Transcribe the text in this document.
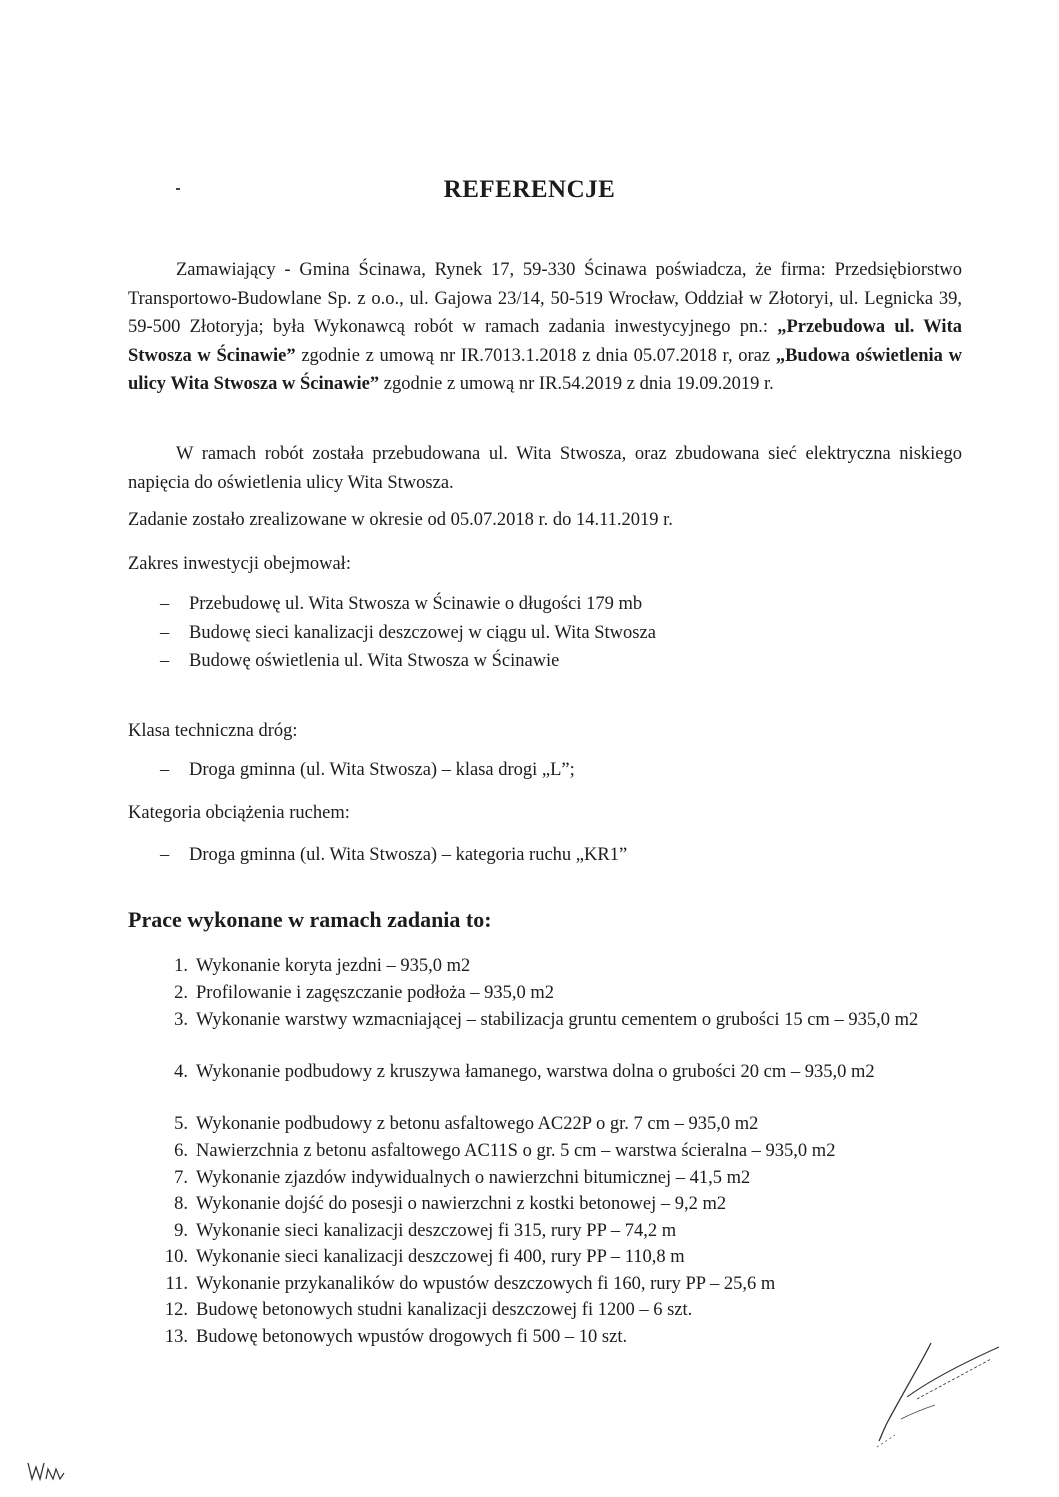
REFERENCJE
Zamawiający - Gmina Ścinawa, Rynek 17, 59-330 Ścinawa poświadcza, że firma: Przedsiębiorstwo Transportowo-Budowlane Sp. z o.o., ul. Gajowa 23/14, 50-519 Wrocław, Oddział w Złotoryi, ul. Legnicka 39, 59-500 Złotoryja; była Wykonawcą robót w ramach zadania inwestycyjnego pn.: „Przebudowa ul. Wita Stwosza w Ścinawie” zgodnie z umową nr IR.7013.1.2018 z dnia 05.07.2018 r, oraz „Budowa oświetlenia w ulicy Wita Stwosza w Ścinawie” zgodnie z umową nr IR.54.2019 z dnia 19.09.2019 r.
W ramach robót została przebudowana ul. Wita Stwosza, oraz zbudowana sieć elektryczna niskiego napięcia do oświetlenia ulicy Wita Stwosza.
Zadanie zostało zrealizowane w okresie od 05.07.2018 r. do 14.11.2019 r.
Zakres inwestycji obejmował:
– Przebudowę ul. Wita Stwosza w Ścinawie o długości 179 mb
– Budowę sieci kanalizacji deszczowej w ciągu ul. Wita Stwosza
– Budowę oświetlenia ul. Wita Stwosza w Ścinawie
Klasa techniczna dróg:
– Droga gminna (ul. Wita Stwosza) – klasa drogi „L”;
Kategoria obciążenia ruchem:
– Droga gminna (ul. Wita Stwosza) – kategoria ruchu „KR1”
Prace wykonane w ramach zadania to:
1. Wykonanie koryta jezdni – 935,0 m2
2. Profilowanie i zagęszczanie podłoża – 935,0 m2
3. Wykonanie warstwy wzmacniającej – stabilizacja gruntu cementem o grubości 15 cm – 935,0 m2
4. Wykonanie podbudowy z kruszywa łamanego, warstwa dolna o grubości 20 cm – 935,0 m2
5. Wykonanie podbudowy z betonu asfaltowego AC22P o gr. 7 cm – 935,0 m2
6. Nawierzchnia z betonu asfaltowego AC11S o gr. 5 cm – warstwa ścieralna – 935,0 m2
7. Wykonanie zjazdów indywidualnych o nawierzchni bitumicznej – 41,5 m2
8. Wykonanie dojść do posesji o nawierzchni z kostki betonowej – 9,2 m2
9. Wykonanie sieci kanalizacji deszczowej fi 315, rury PP – 74,2 m
10. Wykonanie sieci kanalizacji deszczowej fi 400, rury PP – 110,8 m
11. Wykonanie przykanalików do wpustów deszczowych fi 160, rury PP – 25,6 m
12. Budowę betonowych studni kanalizacji deszczowej fi 1200 – 6 szt.
13. Budowę betonowych wpustów drogowych fi 500 – 10 szt.
